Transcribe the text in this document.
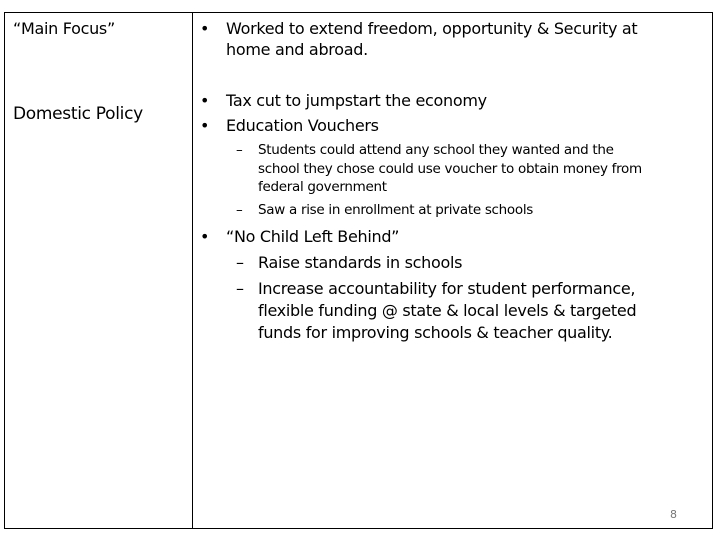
“Main Focus”
Domestic Policy
• Worked to extend freedom, opportunity & Security at
home and abroad.
• Tax cut to jumpstart the economy
• Education Vouchers
– Students could attend any school they wanted and the
school they chose could use voucher to obtain money from
federal government
– Saw a rise in enrollment at private schools
• “No Child Left Behind”
– Raise standards in schools
– Increase accountability for student performance,
flexible funding @ state & local levels & targeted
funds for improving schools & teacher quality.
8
